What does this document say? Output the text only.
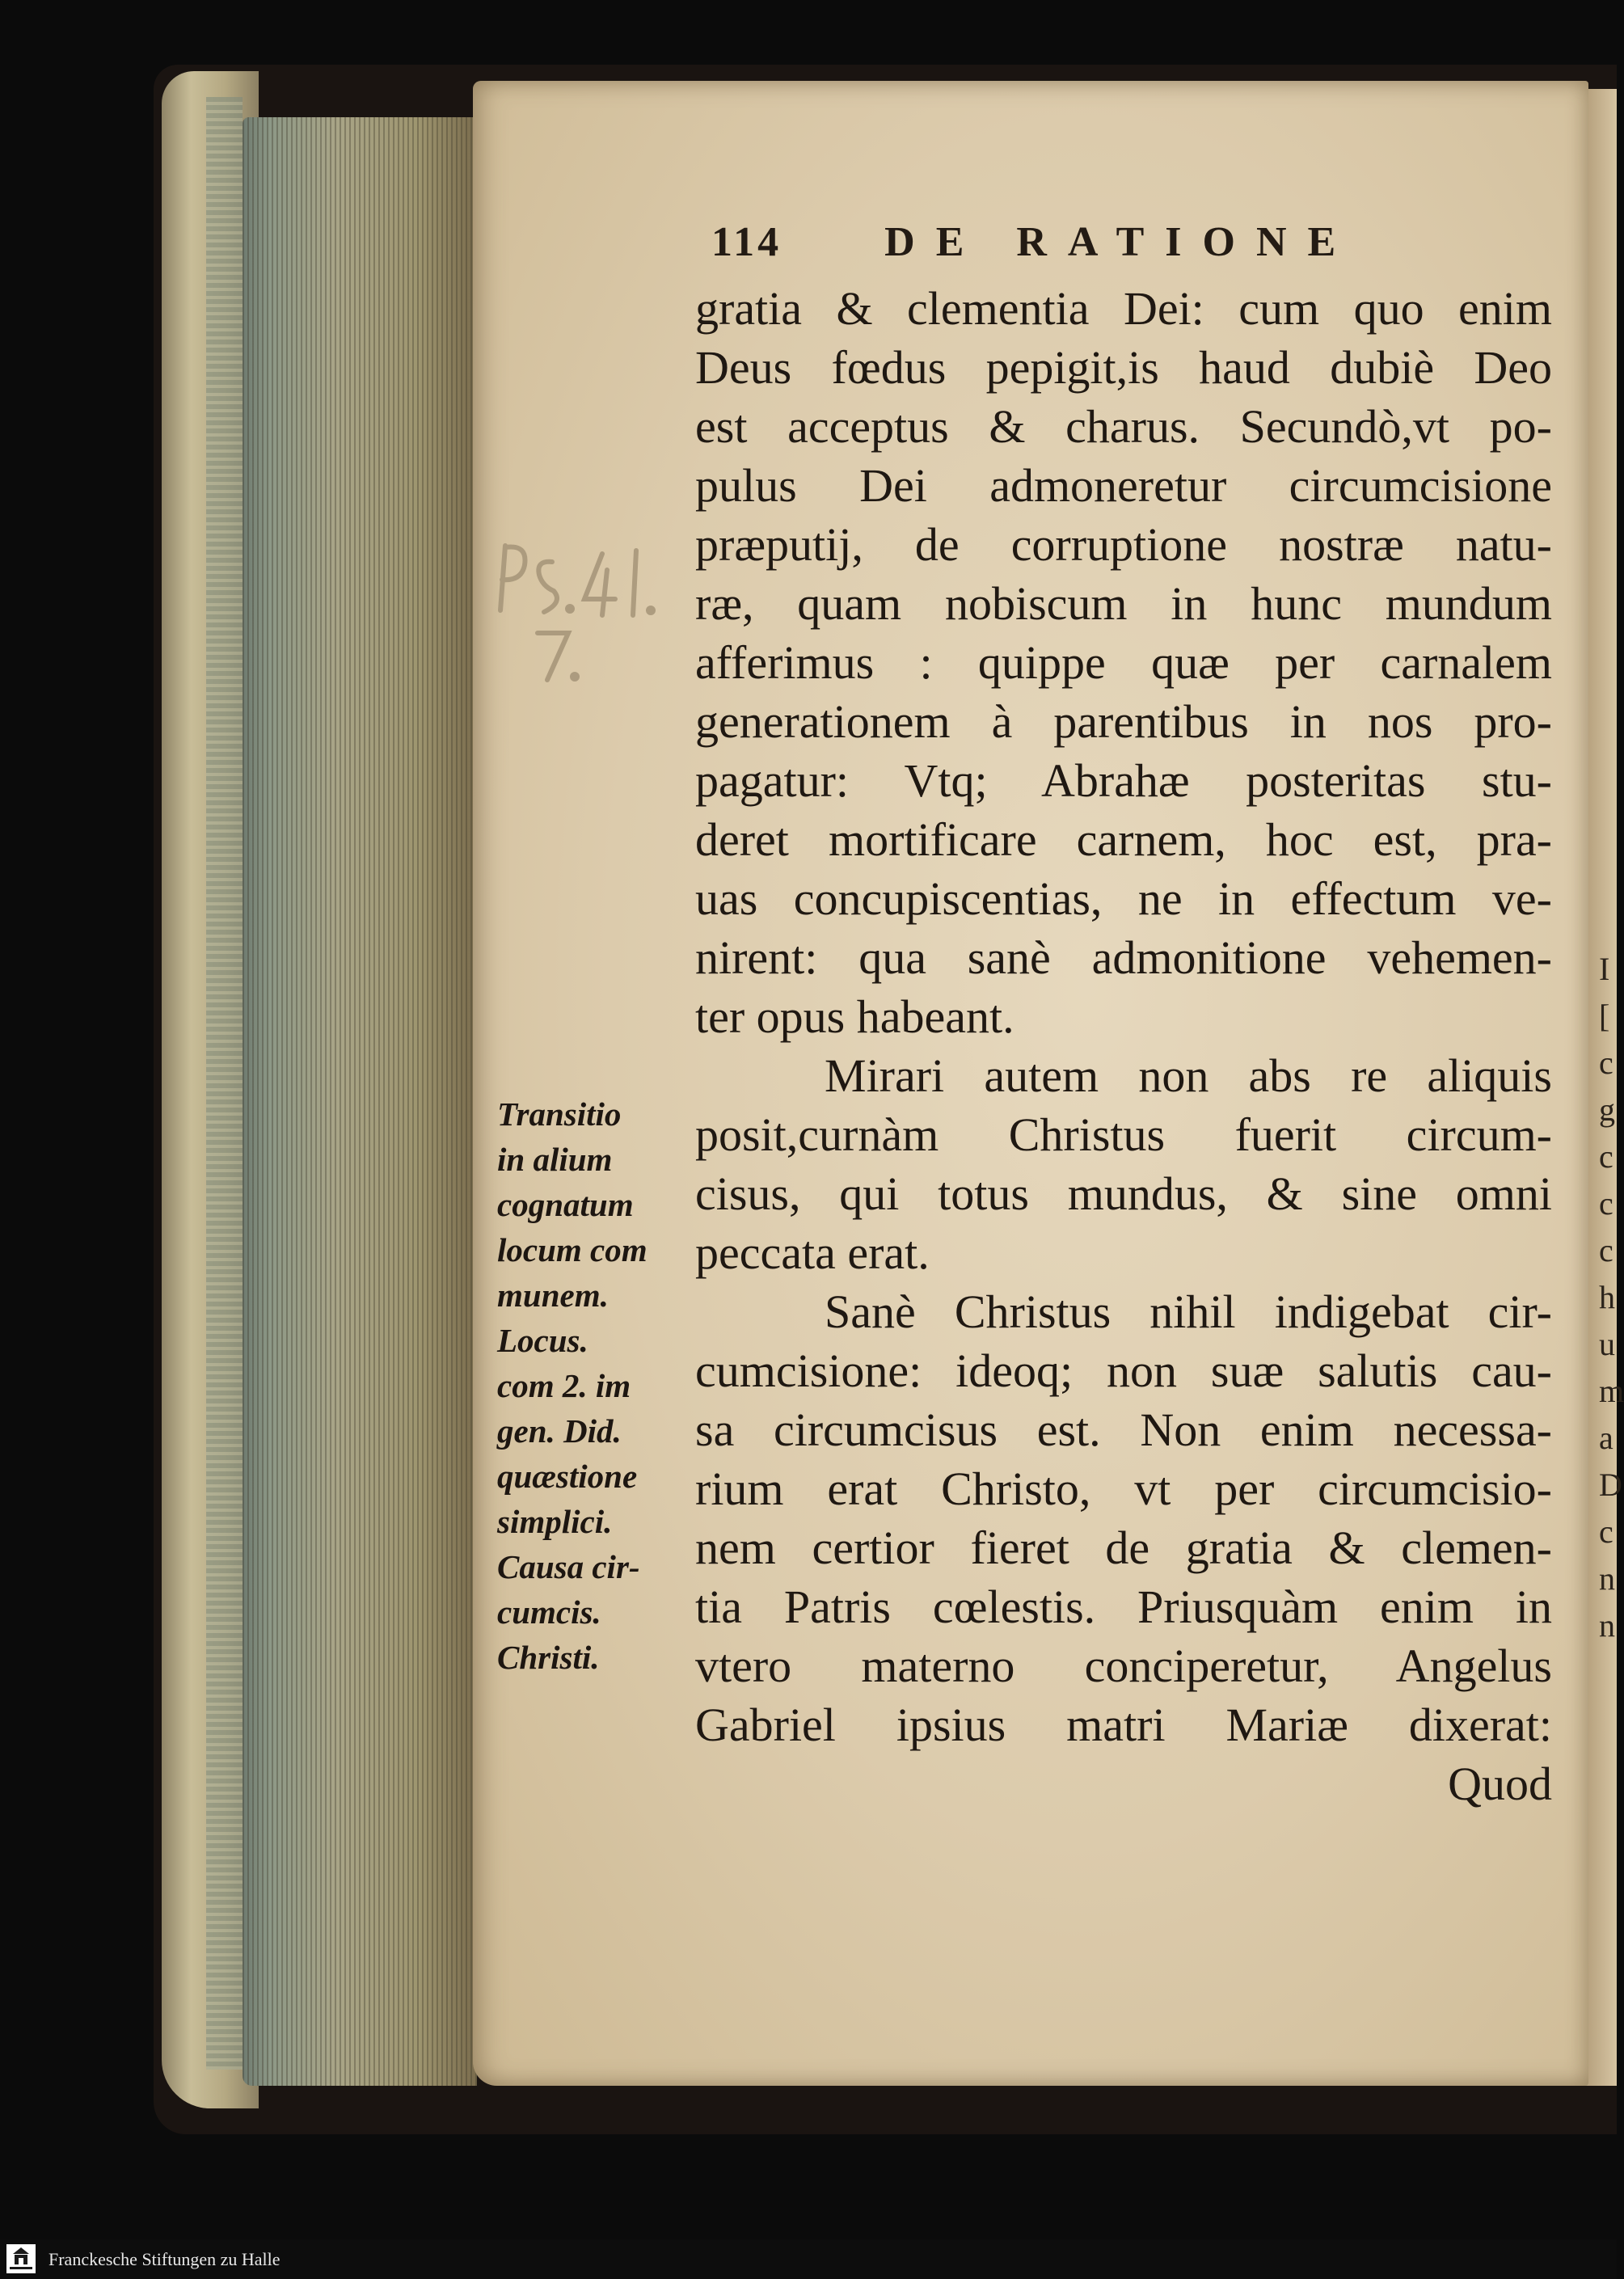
I
[
c
g
c
c
c
h
u
m
a
D
c
n
n
114 DE RATIONE
gratia & clementia Dei: cum quo enim
Deus fœdus pepigit,is haud dubiè Deo
est acceptus & charus. Secundò,vt po-
pulus Dei admoneretur circumcisione
præputij, de corruptione nostræ natu-
ræ, quam nobiscum in hunc mundum
afferimus : quippe quæ per carnalem
generationem à parentibus in nos pro-
pagatur: Vtq; Abrahæ posteritas stu-
deret mortificare carnem, hoc est, pra-
uas concupiscentias, ne in effectum ve-
nirent: qua sanè admonitione vehemen-
ter opus habeant.
Mirari autem non abs re aliquis
posit,curnàm Christus fuerit circum-
cisus, qui totus mundus, & sine omni
peccata erat.
Sanè Christus nihil indigebat cir-
cumcisione: ideoq; non suæ salutis cau-
sa circumcisus est. Non enim necessa-
rium erat Christo, vt per circumcisio-
nem certior fieret de gratia & clemen-
tia Patris cœlestis. Priusquàm enim in
vtero materno conciperetur, Angelus
Gabriel ipsius matri Mariæ dixerat:
Quod
Transitio
in alium
cognatum
locum com
munem.
Locus.
com 2. im
gen. Did.
quæstione
simplici.
Causa cir-
cumcis.
Christi.
Franckesche Stiftungen zu Halle
